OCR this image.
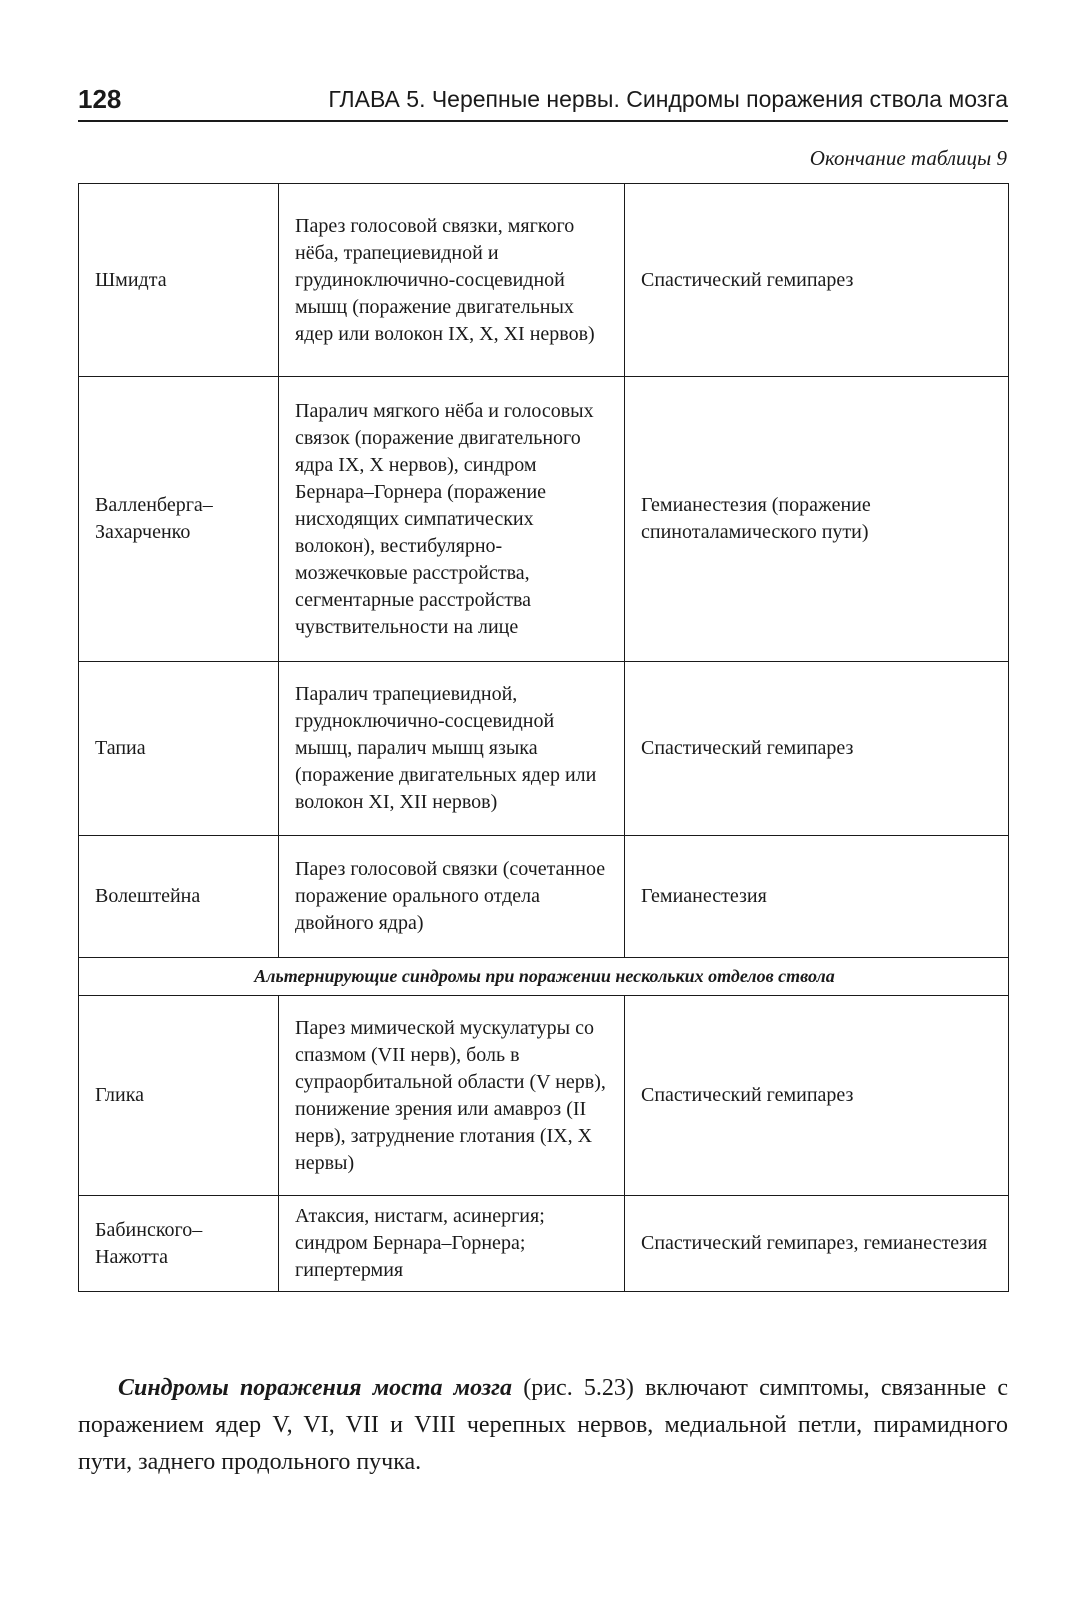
128	ГЛАВА 5. Черепные нервы. Синдромы поражения ствола мозга
Окончание таблицы 9
Шмидта	Парез голосовой связки, мягкого нёба, трапециевидной и грудиноключично-сосцевидной мышц (поражение двигательных ядер или волокон IX, X, XI нервов)	Спастический гемипарез
Валленберга–Захарченко	Паралич мягкого нёба и голосовых связок (поражение двигательного ядра IX, X нервов), синдром Бернара–Горнера (поражение нисходящих симпатических волокон), вестибулярно-мозжечковые расстройства, сегментарные расстройства чувствительности на лице	Гемианестезия (поражение спиноталамического пути)
Тапиа	Паралич трапециевидной, грудноключично-сосцевидной мышц, паралич мышц языка (поражение двигательных ядер или волокон XI, XII нервов)	Спастический гемипарез
Волештейна	Парез голосовой связки (сочетанное поражение орального отдела двойного ядра)	Гемианестезия
Альтернирующие синдромы при поражении нескольких отделов ствола		
Глика	Парез мимической мускулатуры со спазмом (VII нерв), боль в супраорбитальной области (V нерв), понижение зрения или амавроз (II нерв), затруднение глотания (IX, X нервы)	Спастический гемипарез
Бабинского–Нажотта	Атаксия, нистагм, асинергия; синдром Бернара–Горнера; гипертермия	Спастический гемипарез, гемианестезия

Синдромы поражения моста мозга (рис. 5.23) включают симптомы, связанные с поражением ядер V, VI, VII и VIII черепных нервов, медиальной петли, пирамидного пути, заднего продольного пучка.
